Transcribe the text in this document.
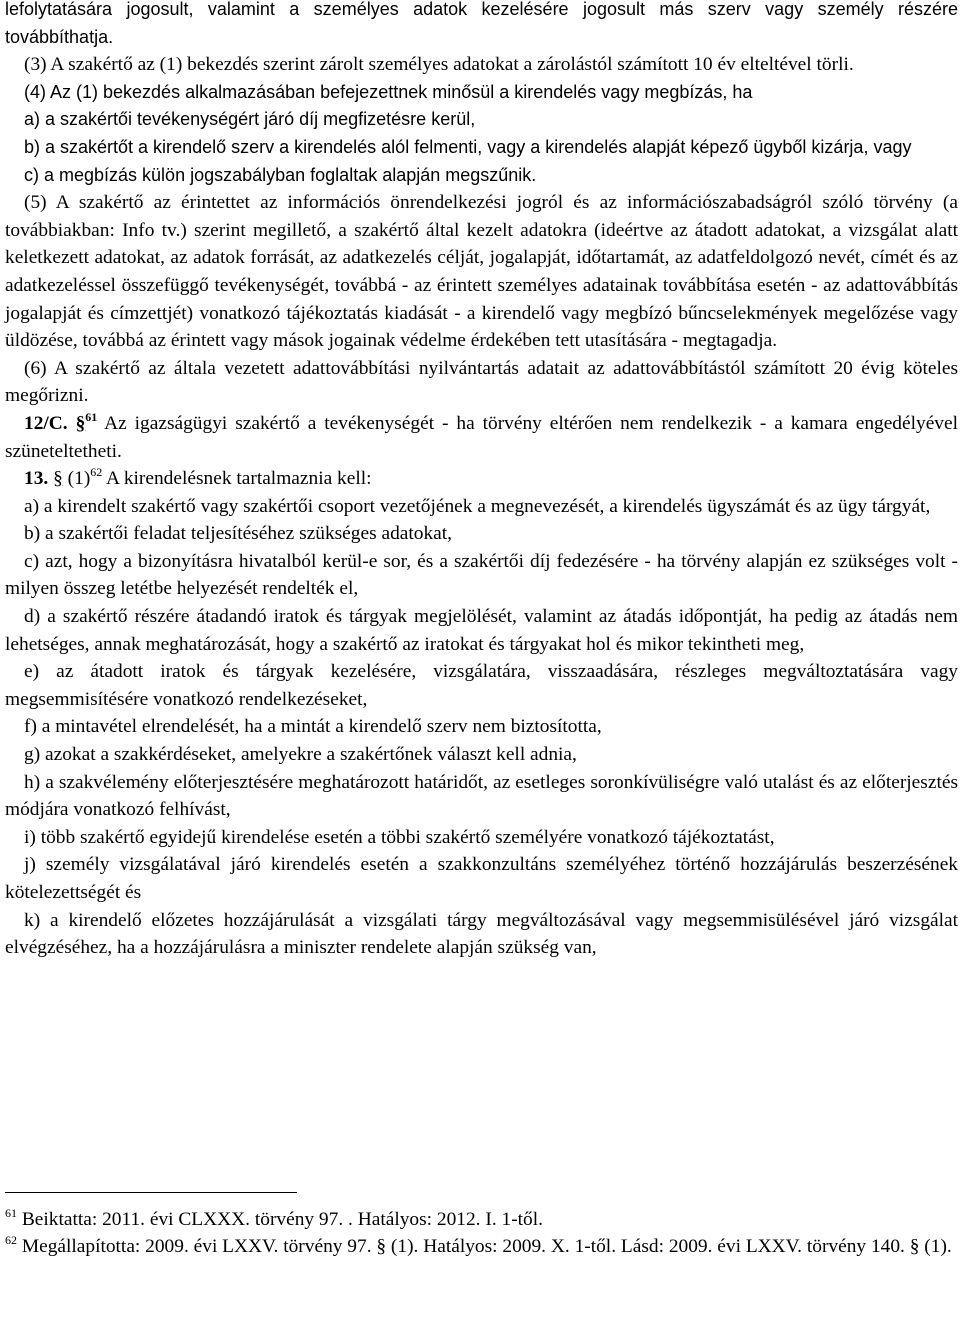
lefolytatására jogosult, valamint a személyes adatok kezelésére jogosult más szerv vagy személy részére továbbíthatja.

(3) A szakértő az (1) bekezdés szerint zárolt személyes adatokat a zárolástól számított 10 év elteltével törli.

(4) Az (1) bekezdés alkalmazásában befejezettnek minősül a kirendelés vagy megbízás, ha

a) a szakértői tevékenységért járó díj megfizetésre kerül,

b) a szakértőt a kirendelő szerv a kirendelés alól felmenti, vagy a kirendelés alapját képező ügyből kizárja, vagy

c) a megbízás külön jogszabályban foglaltak alapján megszűnik.

(5) A szakértő az érintettet az információs önrendelkezési jogról és az információszabadságról szóló törvény (a továbbiakban: Info tv.) szerint megillető, a szakértő által kezelt adatokra (ideértve az átadott adatokat, a vizsgálat alatt keletkezett adatokat, az adatok forrását, az adatkezelés célját, jogalapját, időtartamát, az adatfeldolgozó nevét, címét és az adatkezeléssel összefüggő tevékenységét, továbbá - az érintett személyes adatainak továbbítása esetén - az adattovábbítás jogalapját és címzettjét) vonatkozó tájékoztatás kiadását - a kirendelő vagy megbízó bűncselekmények megelőzése vagy üldözése, továbbá az érintett vagy mások jogainak védelme érdekében tett utasítására - megtagadja.

(6) A szakértő az általa vezetett adattovábbítási nyilvántartás adatait az adattovábbítástól számított 20 évig köteles megőrizni.

12/C. §$^{61}$ Az igazságügyi szakértő a tevékenységét - ha törvény eltérően nem rendelkezik - a kamara engedélyével szüneteltetheti.

13. § $(1)^{62}$ A kirendelésnek tartalmaznia kell:

a) a kirendelt szakértő vagy szakértői csoport vezetőjének a megnevezését, a kirendelés ügyszámát és az ügy tárgyát,

b) a szakértői feladat teljesítéséhez szükséges adatokat,

c) azt, hogy a bizonyításra hivatalból kerül-e sor, és a szakértői díj fedezésére - ha törvény alapján ez szükséges volt - milyen összeg letétbe helyezését rendelték el,

d) a szakértő részére átadandó iratok és tárgyak megjelölését, valamint az átadás időpontját, ha pedig az átadás nem lehetséges, annak meghatározását, hogy a szakértő az iratokat és tárgyakat hol és mikor tekintheti meg,

e) az átadott iratok és tárgyak kezelésére, vizsgálatára, visszaadására, részleges megváltoztatására vagy megsemmisítésére vonatkozó rendelkezéseket,

f) a mintavétel elrendelését, ha a mintát a kirendelő szerv nem biztosította,

g) azokat a szakkérdéseket, amelyekre a szakértőnek választ kell adnia,

h) a szakvélemény előterjesztésére meghatározott határidőt, az esetleges soronkívüliségre való utalást és az előterjesztés módjára vonatkozó felhívást,

i) több szakértő egyidejű kirendelése esetén a többi szakértő személyére vonatkozó tájékoztatást,

j) személy vizsgálatával járó kirendelés esetén a szakkonzultáns személyéhez történő hozzájárulás beszerzésének kötelezettségét és

k) a kirendelő előzetes hozzájárulását a vizsgálati tárgy megváltozásával vagy megsemmisülésével járó vizsgálat elvégzéséhez, ha a hozzájárulásra a miniszter rendelete alapján szükség van,

$^{61}$ Beiktatta: 2011. évi CLXXX. törvény 97. . Hatályos: 2012. I. 1-től.
$^{62}$ Megállapította: 2009. évi LXXV. törvény 97. § (1). Hatályos: 2009. X. 1-től. Lásd: 2009. évi LXXV. törvény 140. § (1).
